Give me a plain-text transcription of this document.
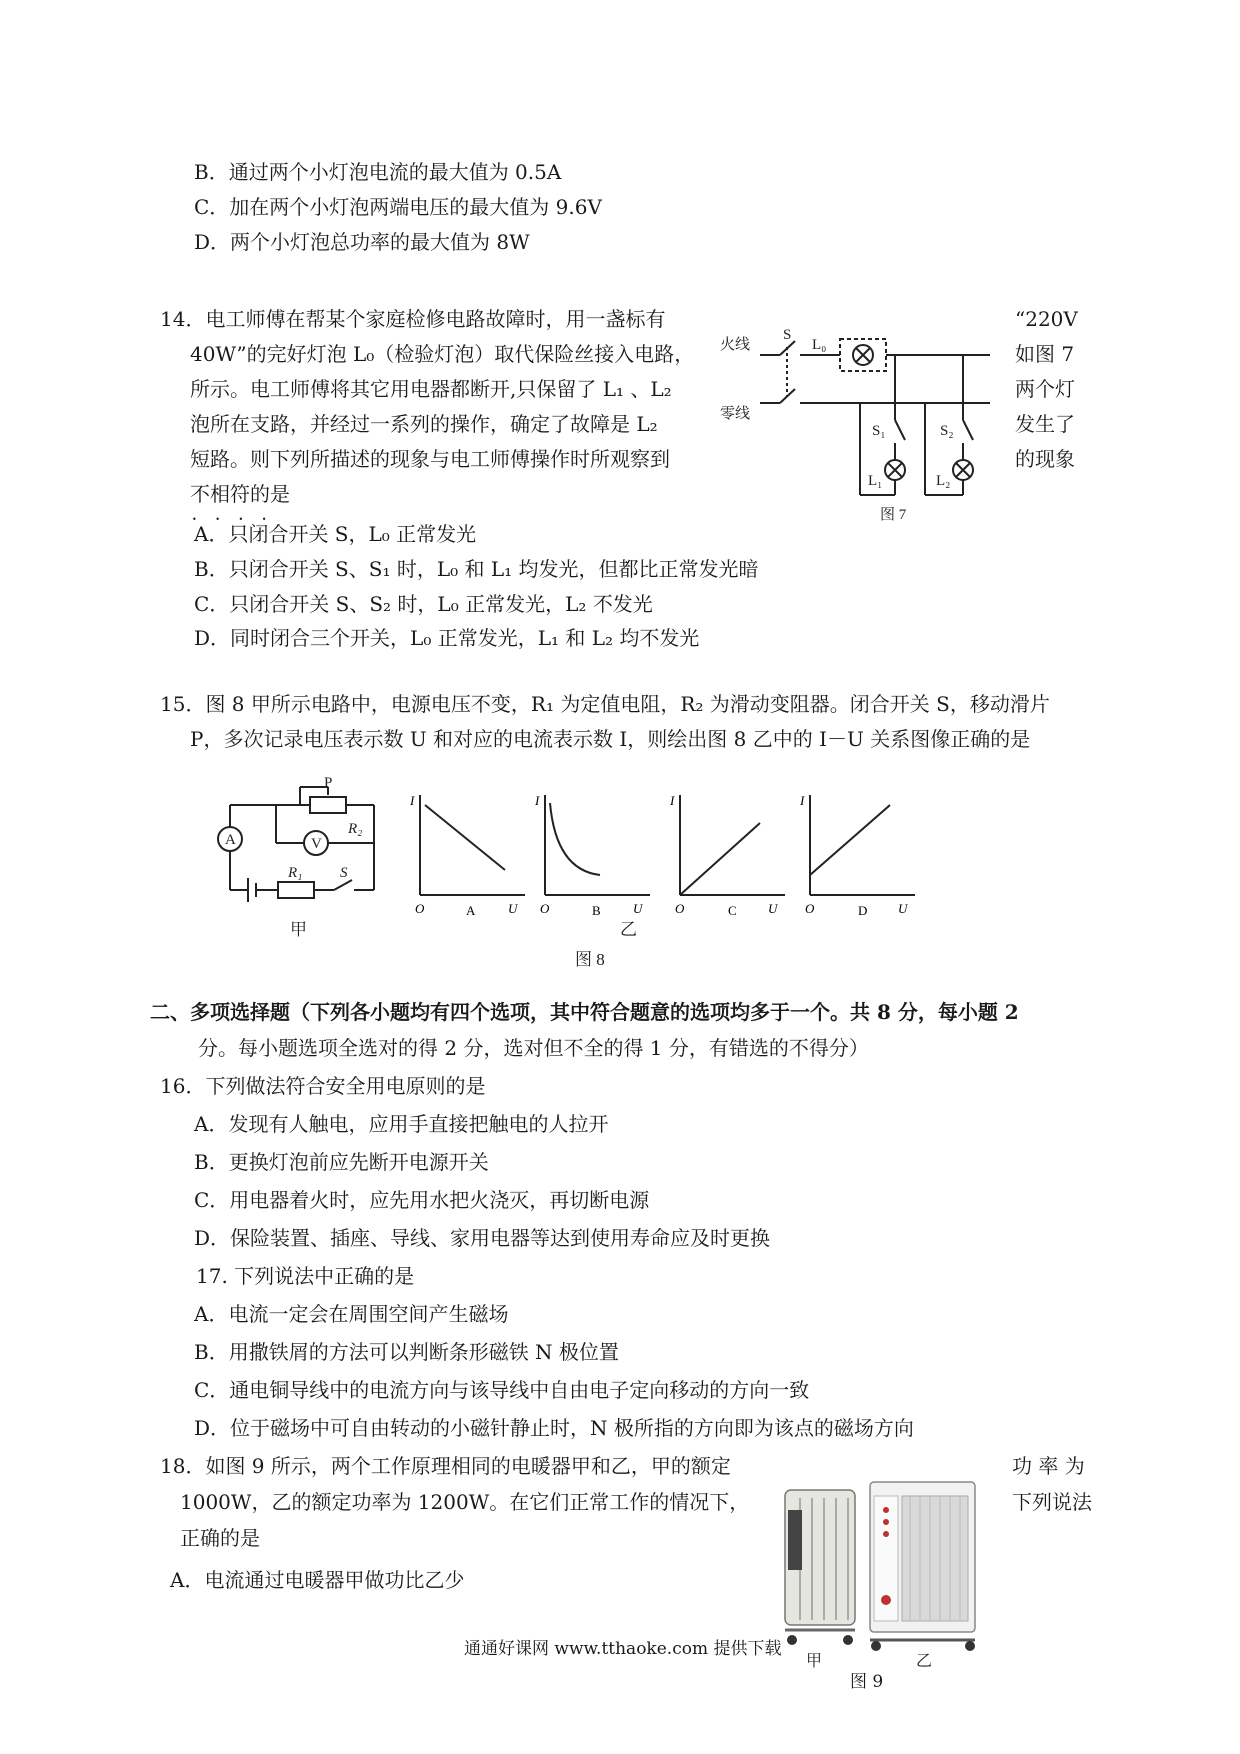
B．通过两个小灯泡电流的最大值为 0.5A
C．加在两个小灯泡两端电压的最大值为 9.6V
D．两个小灯泡总功率的最大值为 8W
14．电工师傅在帮某个家庭检修电路故障时，用一盏标有	“220V
40W”的完好灯泡 L₀（检验灯泡）取代保险丝接入电路，	如图 7
所示。电工师傅将其它用电器都断开,只保留了 L₁ 、L₂	两个灯
泡所在支路，并经过一系列的操作，确定了故障是 L₂	发生了
短路。则下列所描述的现象与电工师傅操作时所观察到	的现象
不相符的是 • • • •
火线
零线
S
L₀
S₁	S₂
L₁	L₂
图 7
A．只闭合开关 S，L₀ 正常发光
B．只闭合开关 S、S₁ 时，L₀ 和 L₁ 均发光，但都比正常发光暗
C．只闭合开关 S、S₂ 时，L₀ 正常发光，L₂ 不发光
D．同时闭合三个开关，L₀ 正常发光，L₁ 和 L₂ 均不发光
15．图 8 甲所示电路中，电源电压不变，R₁ 为定值电阻，R₂ 为滑动变阻器。闭合开关 S，移动滑片
P，多次记录电压表示数 U 和对应的电流表示数 I，则绘出图 8 乙中的 I－U 关系图像正确的是
A	V
P
R₂
R₁	S
甲	乙
图 8
I
O	U
A
I
O	U
B
I
O	U
C
I
O	U
D
二、多项选择题（下列各小题均有四个选项，其中符合题意的选项均多于一个。共 8 分，每小题 2
分。每小题选项全选对的得 2 分，选对但不全的得 1 分，有错选的不得分）
16．下列做法符合安全用电原则的是
A．发现有人触电，应用手直接把触电的人拉开
B．更换灯泡前应先断开电源开关
C．用电器着火时，应先用水把火浇灭，再切断电源
D．保险装置、插座、导线、家用电器等达到使用寿命应及时更换
17. 下列说法中正确的是
A．电流一定会在周围空间产生磁场
B．用撒铁屑的方法可以判断条形磁铁 N 极位置
C．通电铜导线中的电流方向与该导线中自由电子定向移动的方向一致
D．位于磁场中可自由转动的小磁针静止时，N 极所指的方向即为该点的磁场方向
18．如图 9 所示，两个工作原理相同的电暖器甲和乙，甲的额定	功 率 为
1000W，乙的额定功率为 1200W。在它们正常工作的情况下，	下列说法
正确的是
A．电流通过电暖器甲做功比乙少
甲	乙
图 9
通通好课网 www.tthaoke.com 提供下载
